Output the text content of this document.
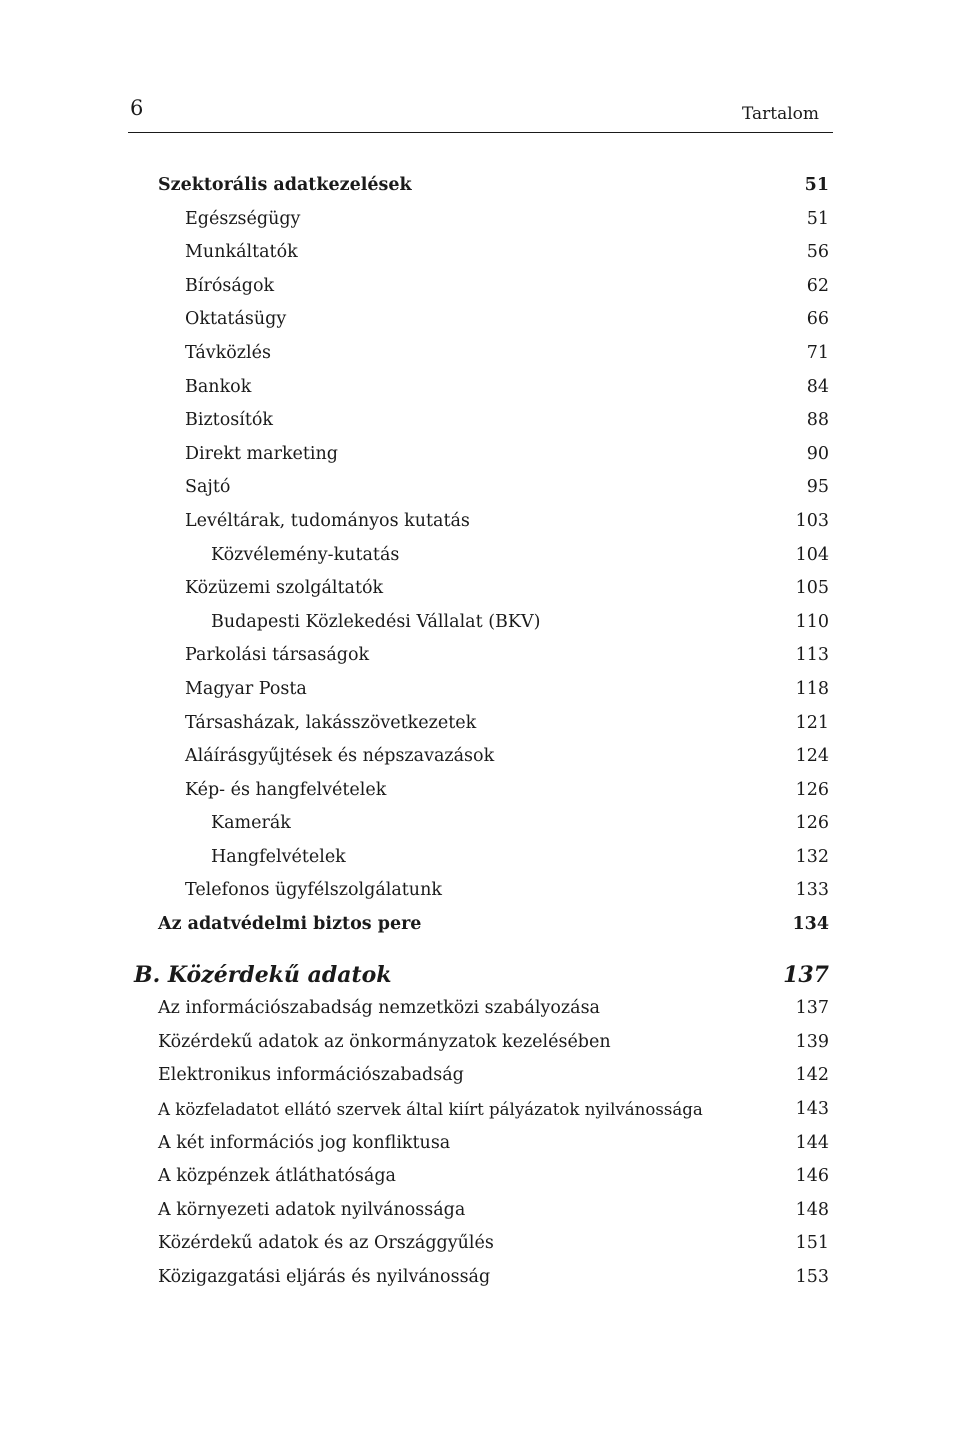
6	Tartalom
Szektorális adatkezelések	51
Egészségügy	51
Munkáltatók	56
Bíróságok	62
Oktatásügy	66
Távközlés	71
Bankok	84
Biztosítók	88
Direkt marketing	90
Sajtó	95
Levéltárak, tudományos kutatás	103
Közvélemény-kutatás	104
Közüzemi szolgáltatók	105
Budapesti Közlekedési Vállalat (BKV)	110
Parkolási társaságok	113
Magyar Posta	118
Társasházak, lakásszövetkezetek	121
Aláírásgyűjtések és népszavazások	124
Kép- és hangfelvételek	126
Kamerák	126
Hangfelvételek	132
Telefonos ügyfélszolgálatunk	133
Az adatvédelmi biztos pere	134
B. Közérdekű adatok	137
Az információszabadság nemzetközi szabályozása	137
Közérdekű adatok az önkormányzatok kezelésében	139
Elektronikus információszabadság	142
A közfeladatot ellátó szervek által kiírt pályázatok nyilvánossága	143
A két információs jog konfliktusa	144
A közpénzek átláthatósága	146
A környezeti adatok nyilvánossága	148
Közérdekű adatok és az Országgyűlés	151
Közigazgatási eljárás és nyilvánosság	153
